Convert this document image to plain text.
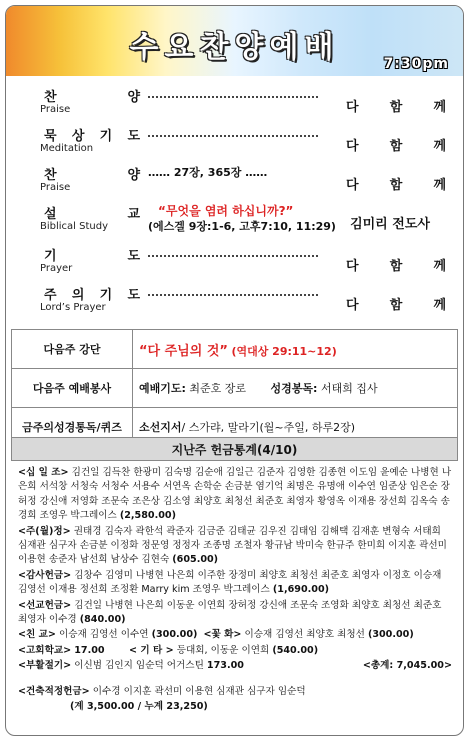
수요찬양예배	7:30pm
찬	양
Praise	다 함 께
묵 상 기 도
Meditation	다 함 께
찬	양
Praise
…… 27장, 365장 ……
다 함 께
설	교
Biblical Study
“무엇을 염려 하십니까?”
(에스겔 9장:1-6, 고후7:10, 11:29)	김미리 전도사
기	도
Prayer	다 함 께
주 의 기 도
Lord’s Prayer	다 함 께
다음주 강단	“다 주님의 것” (역대상 29:11~12)
다음주 예배봉사	예배기도: 최준호 장로 성경봉독: 서태희 집사
금주의성경통독/퀴즈	소선지서/ 스가랴, 말라기(월~주일, 하루2장)
지난주 헌금통계(4/10)

<십 일 조> 김건일 김득찬 한광미 김숙명 김순애 김일근 김준자 김영한 김종현 이도임 윤예순 나병현 나은희 서석창 서청숙 서청수 서용수 서연옥 손학순 손금분 염기억 최명은 유명애 이수연 임준상 임은순 장허정 강신애 저영화 조문숙 조은상 김소영 최양호 최청선 최준호 최영자 황영옥 이재용 장선희 김옥숙 송경희 조영우 박그레이스 (2,580.00)

<주(월)정> 권태경 김숙자 곽한석 곽준자 김금준 김태균 김우진 김태임 김해택 김재훈 변형숙 서태희 심재관 심구자 손금분 이정화 정문영 정정자 조종명 조철자 황규남 박미숙 한규주 한미희 이지훈 곽선미 이용현 송준자 남선희 남상수 김현숙 (605.00)

<감사헌금> 김창수 김영미 나병현 나은희 이주한 장정미 최양호 최청선 최준호 최영자 이정호 이승재 김영선 이재용 정선희 조정환 Marry kim 조영우 박그레이스 (1,690.00)

<선교헌금> 김건일 나병현 나은희 이동운 이연희 장허정 강신애 조문숙 조영화 최양호 최청선 최준호 최영자 이수경 (840.00)

<친 교> 이승재 김영선 이수연 (300.00) <꽃 화> 이승재 김영선 최양호 최청선 (300.00)

<고회학교> 17.00	< 기 타 > 등대회, 이동운 이연희 (540.00)

<부활절기> 이신범 김인지 임순덕 어거스틴 173.00	<총계: 7,045.00>

<건축적정헌금> 이수경 이지훈 곽선미 이용현 심재관 심구자 임순덕

(계 3,500.00 / 누계 23,250)
